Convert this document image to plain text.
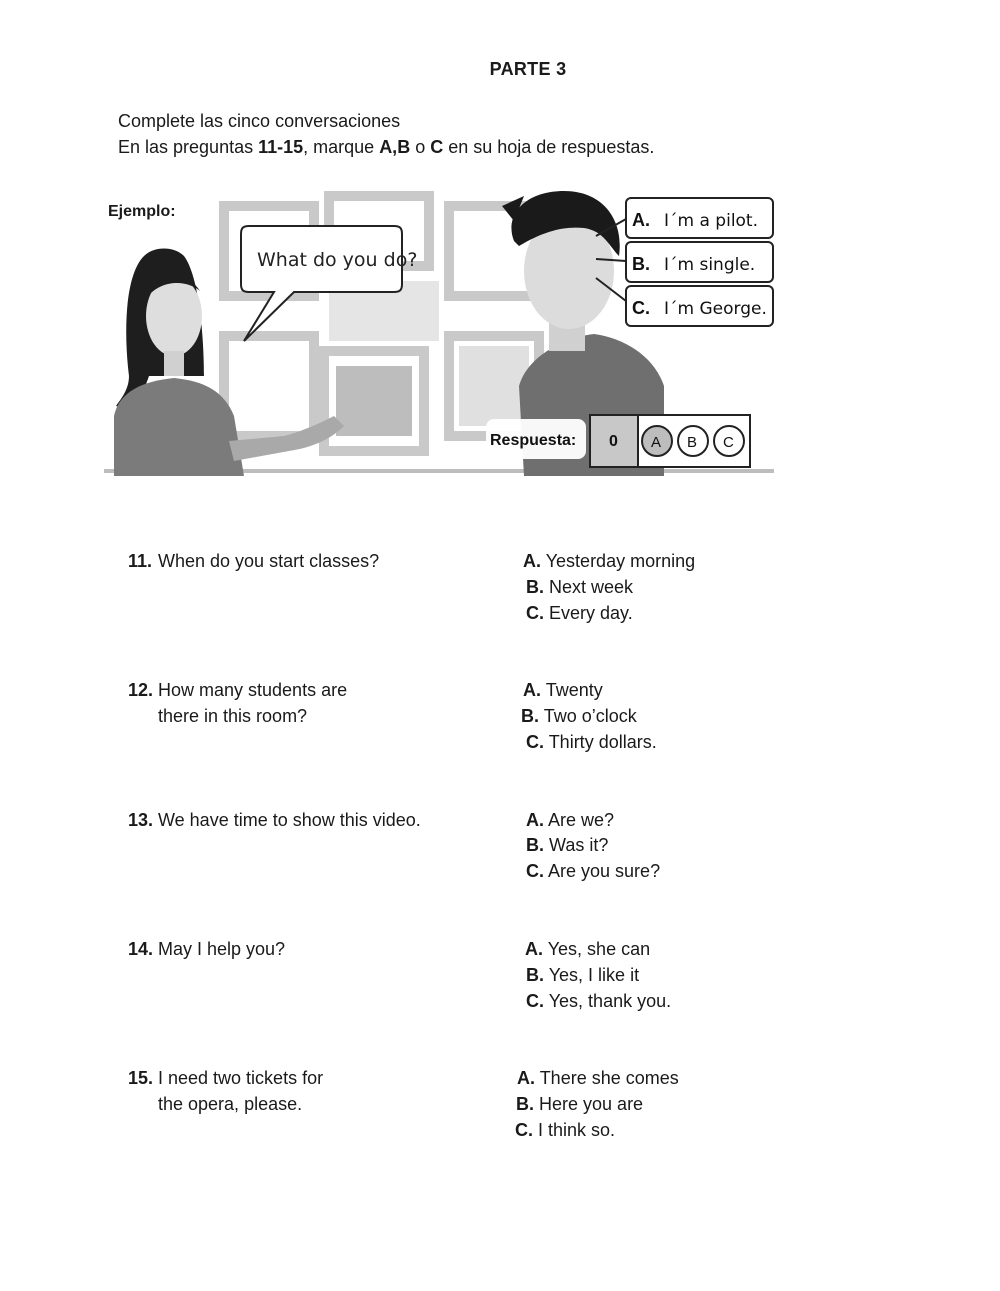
PARTE 3
Complete las cinco conversaciones
En las preguntas 11-15, marque A,B o C en su hoja de respuestas.
Ejemplo:
What do you do?
A. I´m a pilot.
B. I´m single.
C. I´m George.
Respuesta: 0 A B C
11. When do you start classes?	A. Yesterday morning
B. Next week
C. Every day.
12. How many students are
there in this room?
A. Twenty
B. Two o’clock
C. Thirty dollars.
13. We have time to show this video.	A. Are we?
B. Was it?
C. Are you sure?
14. May I help you?	A. Yes, she can
B. Yes, I like it
C. Yes, thank you.
15. I need two tickets for
the opera, please.
A. There she comes
B. Here you are
C. I think so.
